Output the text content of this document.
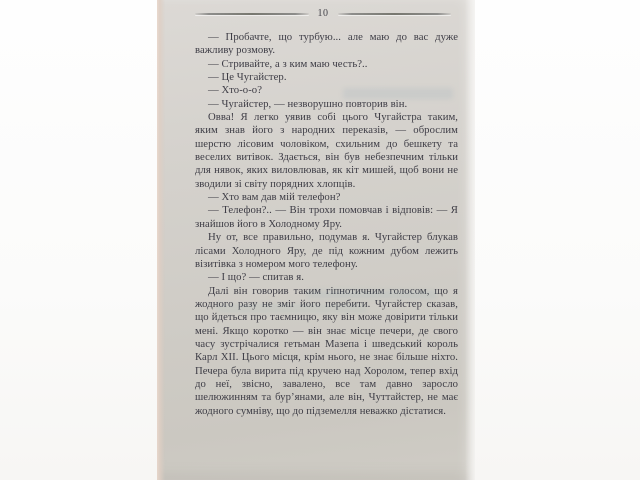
10

— Пробачте, що турбую... але маю до вас дуже важливу розмову.

— Стривайте, а з ким маю честь?..

— Це Чугайстер.

— Хто-о-о?

— Чугайстер, — незворушно повторив він.

Овва! Я легко уявив собі цього Чугайстра таким, яким знав його з народних переказів, — оброслим шерстю лісовим чоловіком, схильним до бешкету та веселих витівок. Здається, він був небезпечним тільки для нявок, яких виловлював, як кіт мишей, щоб вони не зводили зі світу порядних хлопців.

— Хто вам дав мій телефон?

— Телефон?.. — Він трохи помовчав і відповів: — Я знайшов його в Холодному Яру.

Ну от, все правильно, подумав я. Чугайстер блукав лісами Холодного Яру, де під кожним дубом лежить візитівка з номером мого телефону.

— І що? — спитав я.

Далі він говорив таким гіпнотичним голосом, що я жодного разу не зміг його перебити. Чугайстер сказав, що йдеться про таємницю, яку він може довірити тільки мені. Якщо коротко — він знає місце печери, де свого часу зустрічалися гетьман Мазепа і шведський король Карл XII. Цього місця, крім нього, не знає більше ніхто. Печера була вирита під кручею над Хоролом, тепер вхід до неї, звісно, завалено, все там давно заросло шелюжинням та бур’янами, але він, Чуттайстер, не має жодного сумніву, що до підземелля неважко дістатися.
